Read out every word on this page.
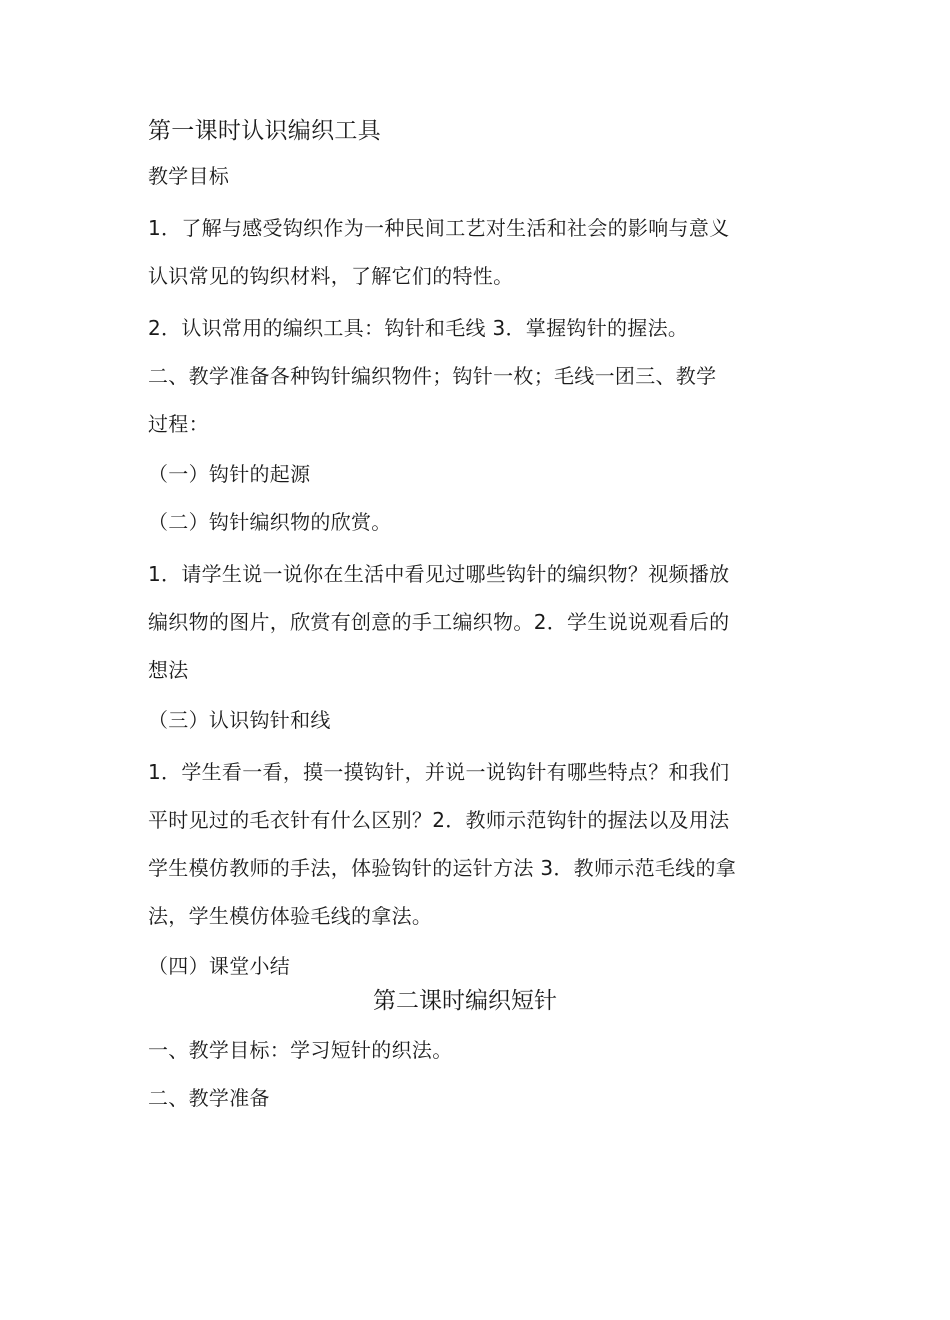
第一课时认识编织工具
教学目标
1．了解与感受钩织作为一种民间工艺对生活和社会的影响与意义
认识常见的钩织材料，了解它们的特性。
2．认识常用的编织工具：钩针和毛线 3．掌握钩针的握法。
二、教学准备各种钩针编织物件；钩针一枚；毛线一团三、教学
过程：
（一）钩针的起源
（二）钩针编织物的欣赏。
1．请学生说一说你在生活中看见过哪些钩针的编织物？视频播放
编织物的图片，欣赏有创意的手工编织物。2．学生说说观看后的
想法
（三）认识钩针和线
1．学生看一看，摸一摸钩针，并说一说钩针有哪些特点？和我们
平时见过的毛衣针有什么区别？2．教师示范钩针的握法以及用法
学生模仿教师的手法，体验钩针的运针方法 3．教师示范毛线的拿
法，学生模仿体验毛线的拿法。
（四）课堂小结
第二课时编织短针
一、教学目标：学习短针的织法。
二、教学准备
